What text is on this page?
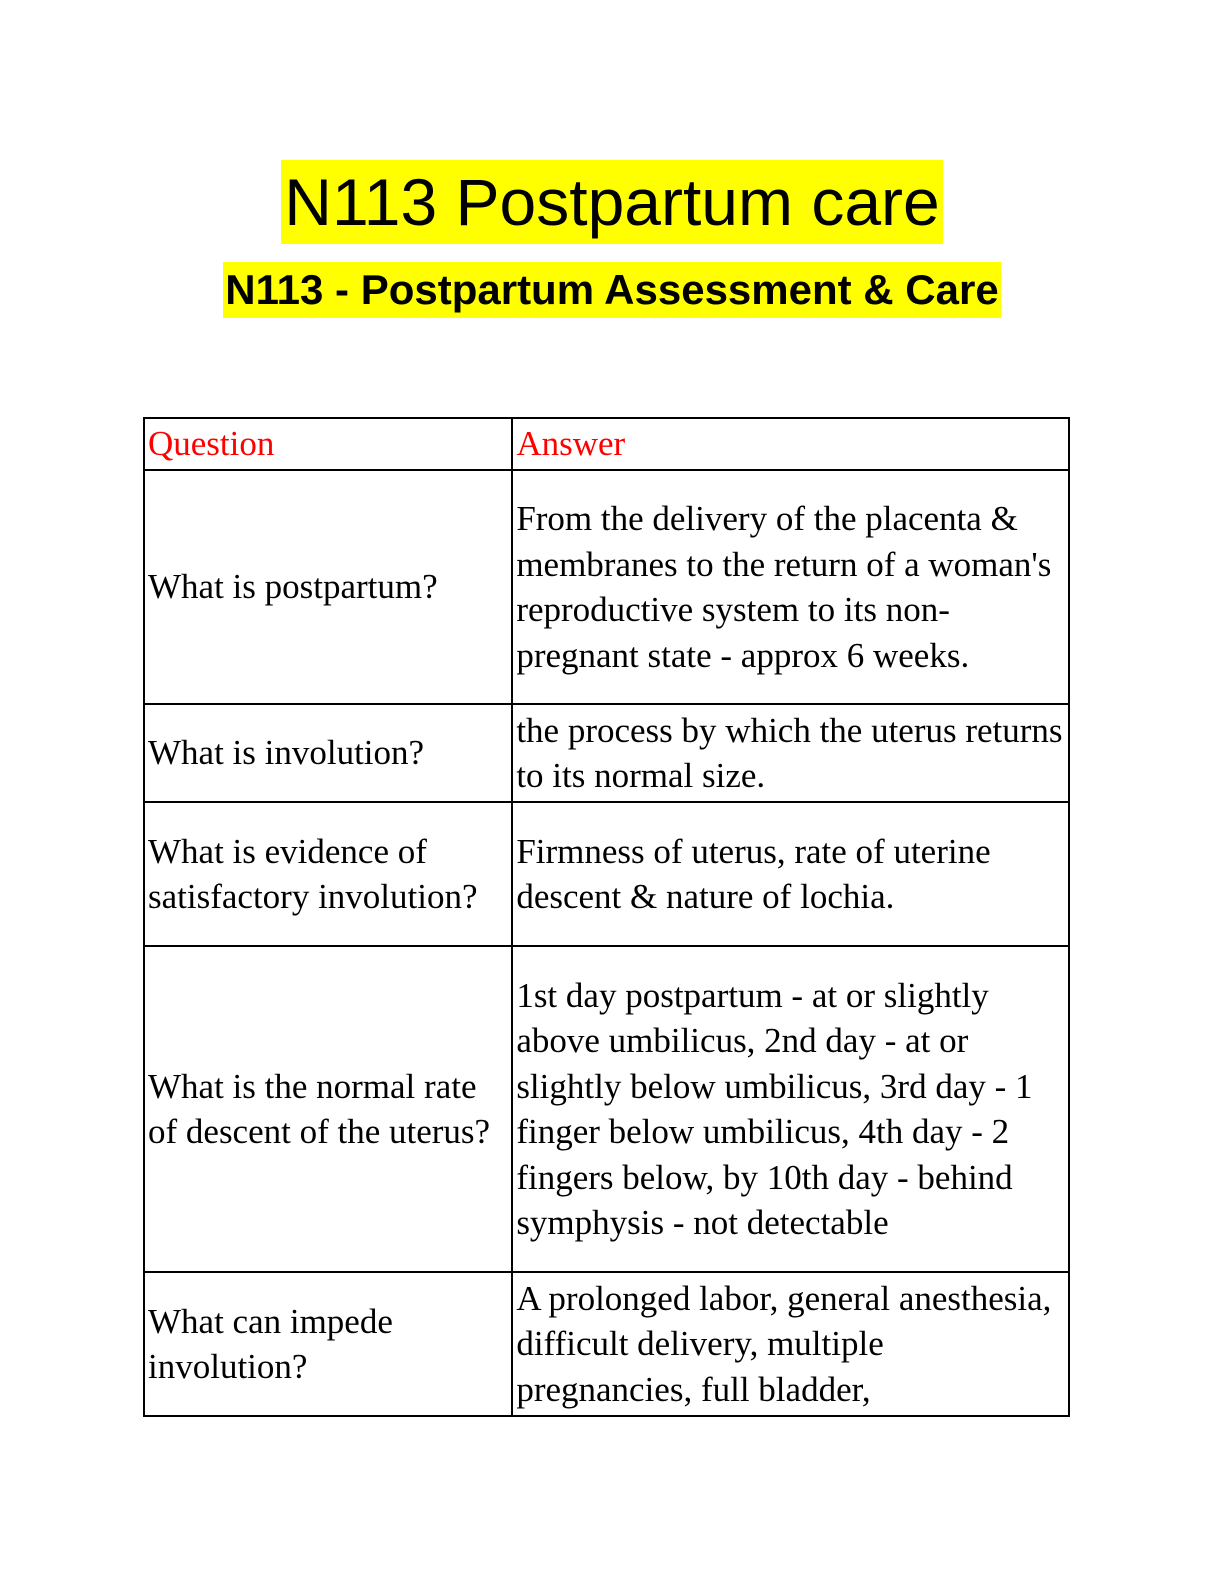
N113 Postpartum care
N113 - Postpartum Assessment & Care
Question	Answer
What is postpartum?	From the delivery of the placenta & membranes to the return of a woman's reproductive system to its non-pregnant state - approx 6 weeks.
What is involution?	the process by which the uterus returns to its normal size.
What is evidence of satisfactory involution?	Firmness of uterus, rate of uterine descent & nature of lochia.
What is the normal rate of descent of the uterus?	1st day postpartum - at or slightly above umbilicus, 2nd day - at or slightly below umbilicus, 3rd day - 1 finger below umbilicus, 4th day - 2 fingers below, by 10th day - behind symphysis - not detectable
What can impede involution?	A prolonged labor, general anesthesia, difficult delivery, multiple pregnancies, full bladder,
